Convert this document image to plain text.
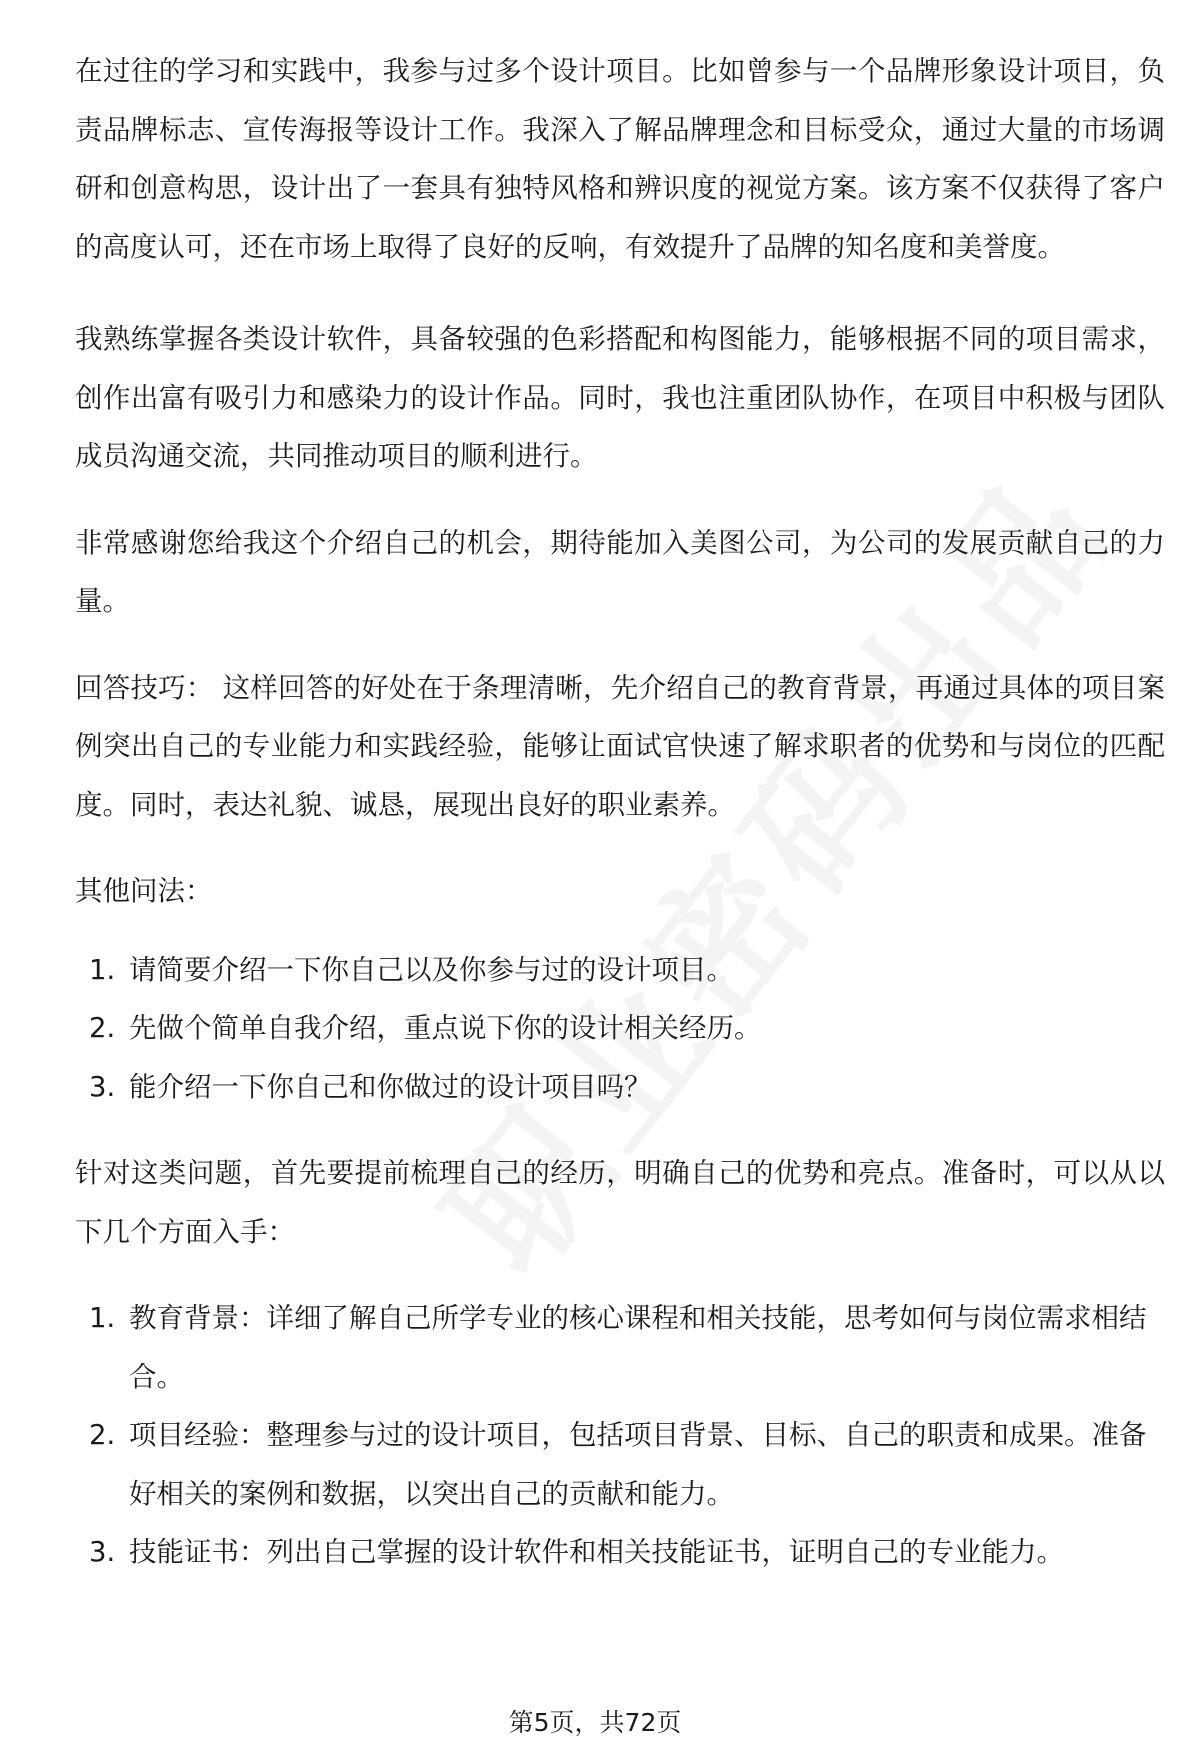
在过往的学习和实践中，我参与过多个设计项目。比如曾参与一个品牌形象设计项目，负责品牌标志、宣传海报等设计工作。我深入了解品牌理念和目标受众，通过大量的市场调研和创意构思，设计出了一套具有独特风格和辨识度的视觉方案。该方案不仅获得了客户的高度认可，还在市场上取得了良好的反响，有效提升了品牌的知名度和美誉度。

我熟练掌握各类设计软件，具备较强的色彩搭配和构图能力，能够根据不同的项目需求，创作出富有吸引力和感染力的设计作品。同时，我也注重团队协作，在项目中积极与团队成员沟通交流，共同推动项目的顺利进行。

非常感谢您给我这个介绍自己的机会，期待能加入美图公司，为公司的发展贡献自己的力量。

回答技巧： 这样回答的好处在于条理清晰，先介绍自己的教育背景，再通过具体的项目案例突出自己的专业能力和实践经验，能够让面试官快速了解求职者的优势和与岗位的匹配度。同时，表达礼貌、诚恳，展现出良好的职业素养。

其他问法：

1. 请简要介绍一下你自己以及你参与过的设计项目。
2. 先做个简单自我介绍，重点说下你的设计相关经历。
3. 能介绍一下你自己和你做过的设计项目吗？

针对这类问题，首先要提前梳理自己的经历，明确自己的优势和亮点。准备时，可以从以下几个方面入手：

1. 教育背景：详细了解自己所学专业的核心课程和相关技能，思考如何与岗位需求相结合。
2. 项目经验：整理参与过的设计项目，包括项目背景、目标、自己的职责和成果。准备好相关的案例和数据，以突出自己的贡献和能力。
3. 技能证书：列出自己掌握的设计软件和相关技能证书，证明自己的专业能力。
第5页，共72页
